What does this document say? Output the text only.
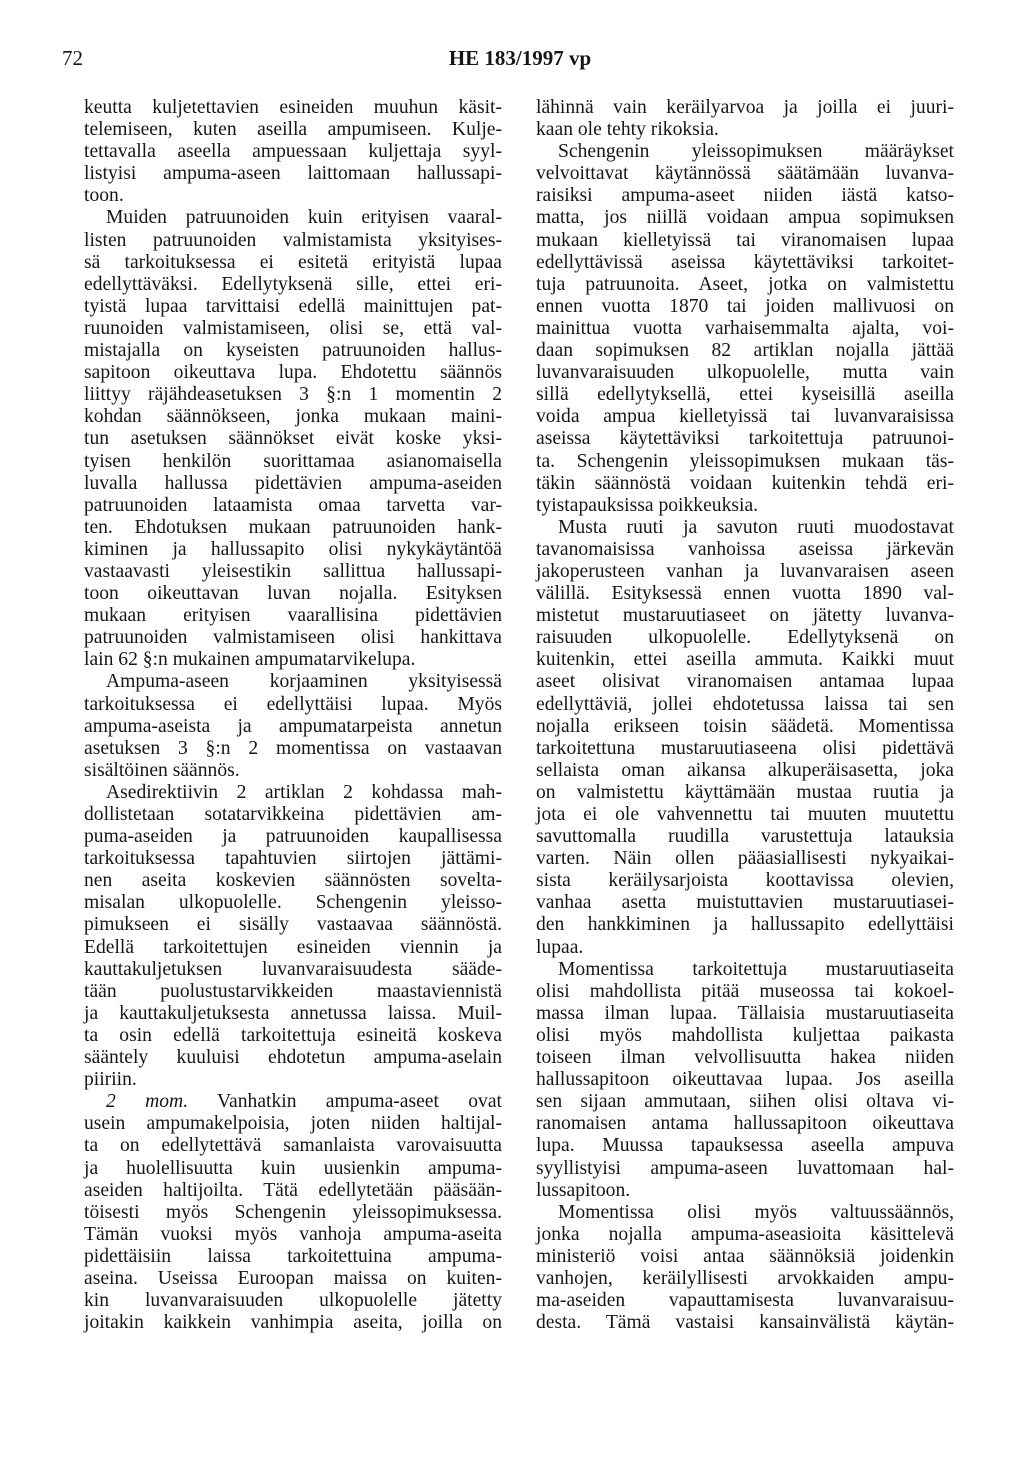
72	HE 183/1997 vp
keutta kuljetettavien esineiden muuhun käsit-
telemiseen, kuten aseilla ampumiseen. Kulje-
tettavalla aseella ampuessaan kuljettaja syyl-
listyisi ampuma-aseen laittomaan hallussapi-
toon.
Muiden patruunoiden kuin erityisen vaaral-
listen patruunoiden valmistamista yksityises-
sä tarkoituksessa ei esitetä erityistä lupaa
edellyttäväksi. Edellytyksenä sille, ettei eri-
tyistä lupaa tarvittaisi edellä mainittujen pat-
ruunoiden valmistamiseen, olisi se, että val-
mistajalla on kyseisten patruunoiden hallus-
sapitoon oikeuttava lupa. Ehdotettu säännös
liittyy räjähdeasetuksen 3 §:n 1 momentin 2
kohdan säännökseen, jonka mukaan maini-
tun asetuksen säännökset eivät koske yksi-
tyisen henkilön suorittamaa asianomaisella
luvalla hallussa pidettävien ampuma-aseiden
patruunoiden lataamista omaa tarvetta var-
ten. Ehdotuksen mukaan patruunoiden hank-
kiminen ja hallussapito olisi nykykäytäntöä
vastaavasti yleisestikin sallittua hallussapi-
toon oikeuttavan luvan nojalla. Esityksen
mukaan erityisen vaarallisina pidettävien
patruunoiden valmistamiseen olisi hankittava
lain 62 §:n mukainen ampumatarvikelupa.
Ampuma-aseen korjaaminen yksityisessä
tarkoituksessa ei edellyttäisi lupaa. Myös
ampuma-aseista ja ampumatarpeista annetun
asetuksen 3 §:n 2 momentissa on vastaavan
sisältöinen säännös.
Asedirektiivin 2 artiklan 2 kohdassa mah-
dollistetaan sotatarvikkeina pidettävien am-
puma-aseiden ja patruunoiden kaupallisessa
tarkoituksessa tapahtuvien siirtojen jättämi-
nen aseita koskevien säännösten sovelta-
misalan ulkopuolelle. Schengenin yleisso-
pimukseen ei sisälly vastaavaa säännöstä.
Edellä tarkoitettujen esineiden viennin ja
kauttakuljetuksen luvanvaraisuudesta sääde-
tään puolustustarvikkeiden maastaviennistä
ja kauttakuljetuksesta annetussa laissa. Muil-
ta osin edellä tarkoitettuja esineitä koskeva
sääntely kuuluisi ehdotetun ampuma-aselain
piiriin.
2 mom. Vanhatkin ampuma-aseet ovat
usein ampumakelpoisia, joten niiden haltijal-
ta on edellytettävä samanlaista varovaisuutta
ja huolellisuutta kuin uusienkin ampuma-
aseiden haltijoilta. Tätä edellytetään pääsään-
töisesti myös Schengenin yleissopimuksessa.
Tämän vuoksi myös vanhoja ampuma-aseita
pidettäisiin laissa tarkoitettuina ampuma-
aseina. Useissa Euroopan maissa on kuiten-
kin luvanvaraisuuden ulkopuolelle jätetty
joitakin kaikkein vanhimpia aseita, joilla on
lähinnä vain keräilyarvoa ja joilla ei juuri-
kaan ole tehty rikoksia.
Schengenin yleissopimuksen määräykset
velvoittavat käytännössä säätämään luvanva-
raisiksi ampuma-aseet niiden iästä katso-
matta, jos niillä voidaan ampua sopimuksen
mukaan kielletyissä tai viranomaisen lupaa
edellyttävissä aseissa käytettäviksi tarkoitet-
tuja patruunoita. Aseet, jotka on valmistettu
ennen vuotta 1870 tai joiden mallivuosi on
mainittua vuotta varhaisemmalta ajalta, voi-
daan sopimuksen 82 artiklan nojalla jättää
luvanvaraisuuden ulkopuolelle, mutta vain
sillä edellytyksellä, ettei kyseisillä aseilla
voida ampua kielletyissä tai luvanvaraisissa
aseissa käytettäviksi tarkoitettuja patruunoi-
ta. Schengenin yleissopimuksen mukaan täs-
täkin säännöstä voidaan kuitenkin tehdä eri-
tyistapauksissa poikkeuksia.
Musta ruuti ja savuton ruuti muodostavat
tavanomaisissa vanhoissa aseissa järkevän
jakoperusteen vanhan ja luvanvaraisen aseen
välillä. Esityksessä ennen vuotta 1890 val-
mistetut mustaruutiaseet on jätetty luvanva-
raisuuden ulkopuolelle. Edellytyksenä on
kuitenkin, ettei aseilla ammuta. Kaikki muut
aseet olisivat viranomaisen antamaa lupaa
edellyttäviä, jollei ehdotetussa laissa tai sen
nojalla erikseen toisin säädetä. Momentissa
tarkoitettuna mustaruutiaseena olisi pidettävä
sellaista oman aikansa alkuperäisasetta, joka
on valmistettu käyttämään mustaa ruutia ja
jota ei ole vahvennettu tai muuten muutettu
savuttomalla ruudilla varustettuja latauksia
varten. Näin ollen pääasiallisesti nykyaikai-
sista keräilysarjoista koottavissa olevien,
vanhaa asetta muistuttavien mustaruutiasei-
den hankkiminen ja hallussapito edellyttäisi
lupaa.
Momentissa tarkoitettuja mustaruutiaseita
olisi mahdollista pitää museossa tai kokoel-
massa ilman lupaa. Tällaisia mustaruutiaseita
olisi myös mahdollista kuljettaa paikasta
toiseen ilman velvollisuutta hakea niiden
hallussapitoon oikeuttavaa lupaa. Jos aseilla
sen sijaan ammutaan, siihen olisi oltava vi-
ranomaisen antama hallussapitoon oikeuttava
lupa. Muussa tapauksessa aseella ampuva
syyllistyisi ampuma-aseen luvattomaan hal-
lussapitoon.
Momentissa olisi myös valtuussäännös,
jonka nojalla ampuma-aseasioita käsittelevä
ministeriö voisi antaa säännöksiä joidenkin
vanhojen, keräilyllisesti arvokkaiden ampu-
ma-aseiden vapauttamisesta luvanvaraisuu-
desta. Tämä vastaisi kansainvälistä käytän-
